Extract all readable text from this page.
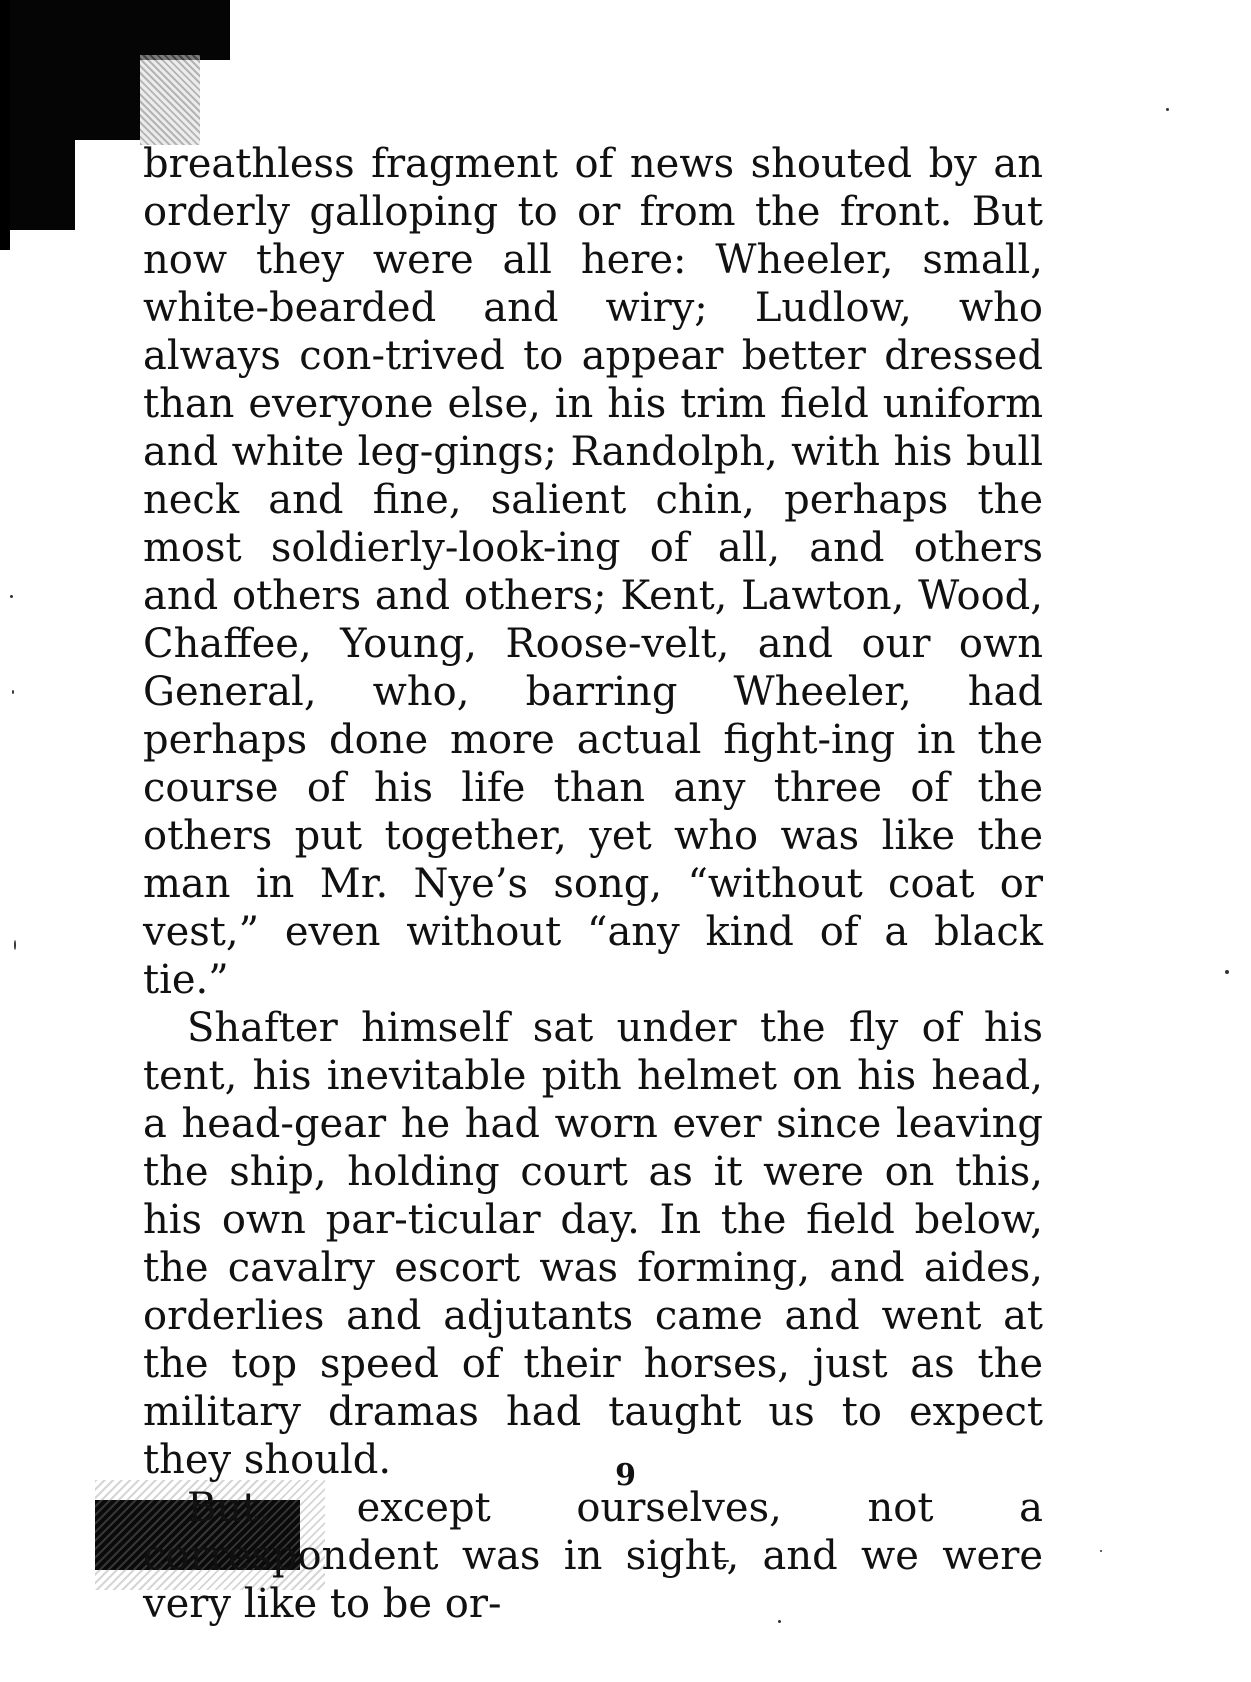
breathless fragment of news shouted by an orderly galloping to or from the front. But now they were all here: Wheeler, small, white-bearded and wiry; Ludlow, who always con-trived to appear better dressed than everyone else, in his trim field uniform and white leg-gings; Randolph, with his bull neck and fine, salient chin, perhaps the most soldierly-look-ing of all, and others and others and others; Kent, Lawton, Wood, Chaffee, Young, Roose-velt, and our own General, who, barring Wheeler, had perhaps done more actual fight-ing in the course of his life than any three of the others put together, yet who was like the man in Mr. Nye’s song, “without coat or vest,” even without “any kind of a black tie.”

Shafter himself sat under the fly of his tent, his inevitable pith helmet on his head, a head-gear he had worn ever since leaving the ship, holding court as it were on this, his own par-ticular day. In the field below, the cavalry escort was forming, and aides, orderlies and adjutants came and went at the top speed of their horses, just as the military dramas had taught us to expect they should.

But, except ourselves, not a correspondent was in sight, and we were very like to be or-

9
